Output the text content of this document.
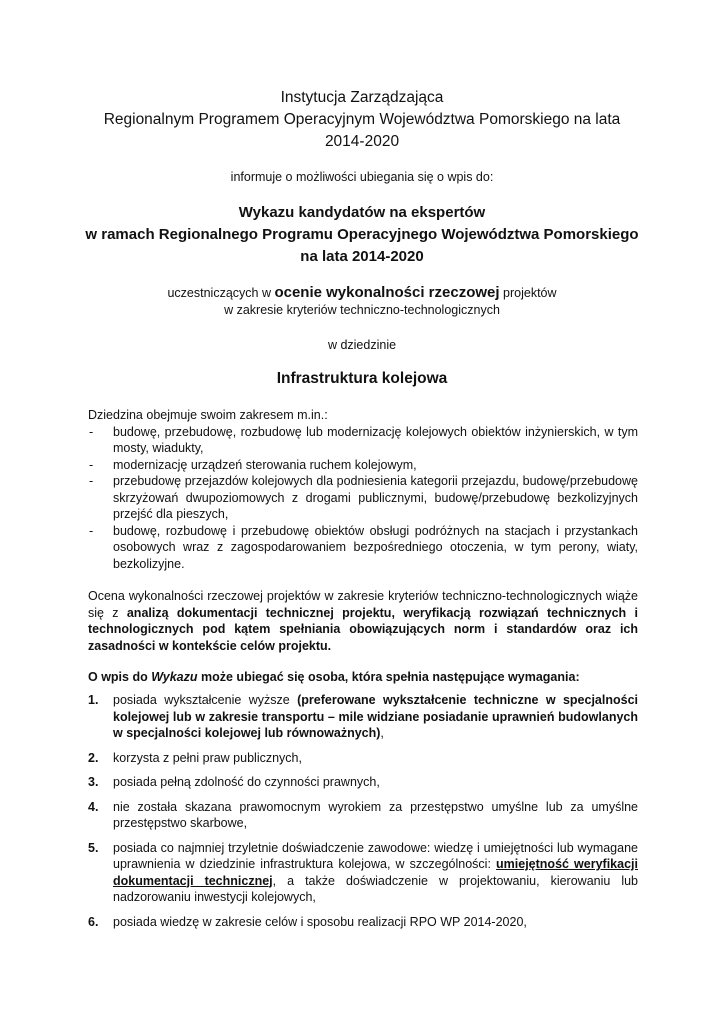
Instytucja Zarządzająca
Regionalnym Programem Operacyjnym Województwa Pomorskiego na lata
2014-2020
informuje o możliwości ubiegania się o wpis do:
Wykazu kandydatów na ekspertów
w ramach Regionalnego Programu Operacyjnego Województwa Pomorskiego
na lata 2014-2020
uczestniczących w ocenie wykonalności rzeczowej projektów
w zakresie kryteriów techniczno-technologicznych
w dziedzinie
Infrastruktura kolejowa
Dziedzina obejmuje swoim zakresem m.in.:
- budowę, przebudowę, rozbudowę lub modernizację kolejowych obiektów inżynierskich, w tym mosty, wiadukty,
- modernizację urządzeń sterowania ruchem kolejowym,
- przebudowę przejazdów kolejowych dla podniesienia kategorii przejazdu, budowę/przebudowę skrzyżowań dwupoziomowych z drogami publicznymi, budowę/przebudowę bezkolizyjnych przejść dla pieszych,
- budowę, rozbudowę i przebudowę obiektów obsługi podróżnych na stacjach i przystankach osobowych wraz z zagospodarowaniem bezpośredniego otoczenia, w tym perony, wiaty, bezkolizyjne.
Ocena wykonalności rzeczowej projektów w zakresie kryteriów techniczno-technologicznych wiąże się z analizą dokumentacji technicznej projektu, weryfikacją rozwiązań technicznych i technologicznych pod kątem spełniania obowiązujących norm i standardów oraz ich zasadności w kontekście celów projektu.
O wpis do Wykazu może ubiegać się osoba, która spełnia następujące wymagania:
1. posiada wykształcenie wyższe (preferowane wykształcenie techniczne w specjalności kolejowej lub w zakresie transportu – mile widziane posiadanie uprawnień budowlanych w specjalności kolejowej lub równoważnych),
2. korzysta z pełni praw publicznych,
3. posiada pełną zdolność do czynności prawnych,
4. nie została skazana prawomocnym wyrokiem za przestępstwo umyślne lub za umyślne przestępstwo skarbowe,
5. posiada co najmniej trzyletnie doświadczenie zawodowe: wiedzę i umiejętności lub wymagane uprawnienia w dziedzinie infrastruktura kolejowa, w szczególności: umiejętność weryfikacji dokumentacji technicznej, a także doświadczenie w projektowaniu, kierowaniu lub nadzorowaniu inwestycji kolejowych,
6. posiada wiedzę w zakresie celów i sposobu realizacji RPO WP 2014-2020,
